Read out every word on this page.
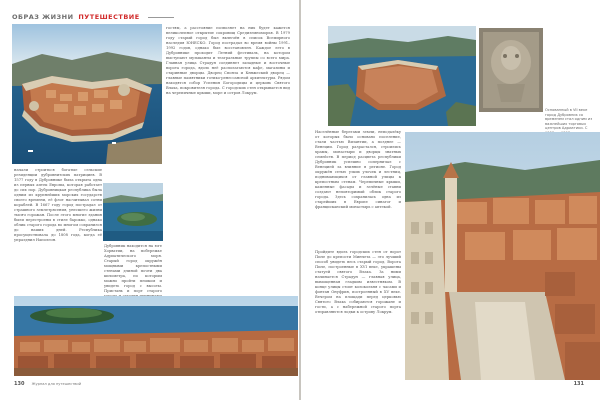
ОБРАЗ ЖИЗНИ ПУТЕШЕСТВИЕ

гостям, а расстояние позволяет на них будет кажется великолепное открытие сокровищ Средиземноморья. В 1979 году старый город был включён в список Всемирного наследия ЮНЕСКО. Город пострадал во время войны 1991–1992 годов, однако был восстановлен. Каждое лето в Дубровнике проходит Летний фестиваль, на котором выступают музыканты и театральные труппы со всего мира. Главная улица Страдун соединяет западные и восточные ворота города, вдоль неё располагаются кафе, магазины и старинные дворцы. Дворец Спонза и Княжеский дворец — главные памятники готико-ренессансной архитектуры. Рядом находятся собор Успения Богородицы и церковь Святого Влаха, покровителя города. С городских стен открывается вид на черепичные крыши, море и остров Локрум.

начали строиться богатые сельские резиденции дубровнитских патрициев. В 1577 году в Дубровнике была открыта одна из первых аптек Европы, которая работает до сих пор. Дубровницкая республика была одним из крупнейших морских государств своего времени, её флот насчитывал сотни кораблей. В 1667 году город пострадал от страшного землетрясения, унесшего жизни тысяч горожан. После этого многие здания были перестроены в стиле барокко, однако облик старого города во многом сохранился до наших дней. Республика просуществовала до 1808 года, когда её упразднил Наполеон.

Дубровник находится на юге Хорватии, на побережье Адриатического моря. Старый город окружён мощными крепостными стенами длиной почти два километра, по которым можно пройти пешком и увидеть город с высоты. Пристань и порт старого

130 Журнал для путешествий
Основанный в VII веке город Дубровник со временем стал одним из важнейших торговых центров Адриатики. С

Населённые берегами земли, неподалёку от которых было основано поселение, стали частью Византии, а позднее — Венеции. Город разрастался, строились храмы, монастыри и дворцы знатных семейств. В период расцвета республики Дубровник успешно соперничал с Венецией за влияние в регионе. Город окружён сетью узких улочек и лестниц, поднимающихся от главной улицы к крепостным стенам. Черепичные крыши, каменные фасады и зелёные ставни создают неповторимый облик старого города. Здесь сохранилась одна из старейших в Европе синагог и францисканский монастырь с аптекой.

Пройдите вдоль городских стен от ворот Пиле до крепости Минчета — это лучший способ увидеть весь старый город. Ворота Пиле, построенные в XVI веке, украшены статуей святого Влаха. За ними начинается Страдун — главная улица, вымощенная гладким известняком. В конце улицы стоит колокольня с часами и фонтан Онуфрия, построенный в XV веке. Вечером на площади перед церковью Святого Влаха собираются горожане и гости, а с набережной старого порта отправляются лодки к острову Локрум.

131
